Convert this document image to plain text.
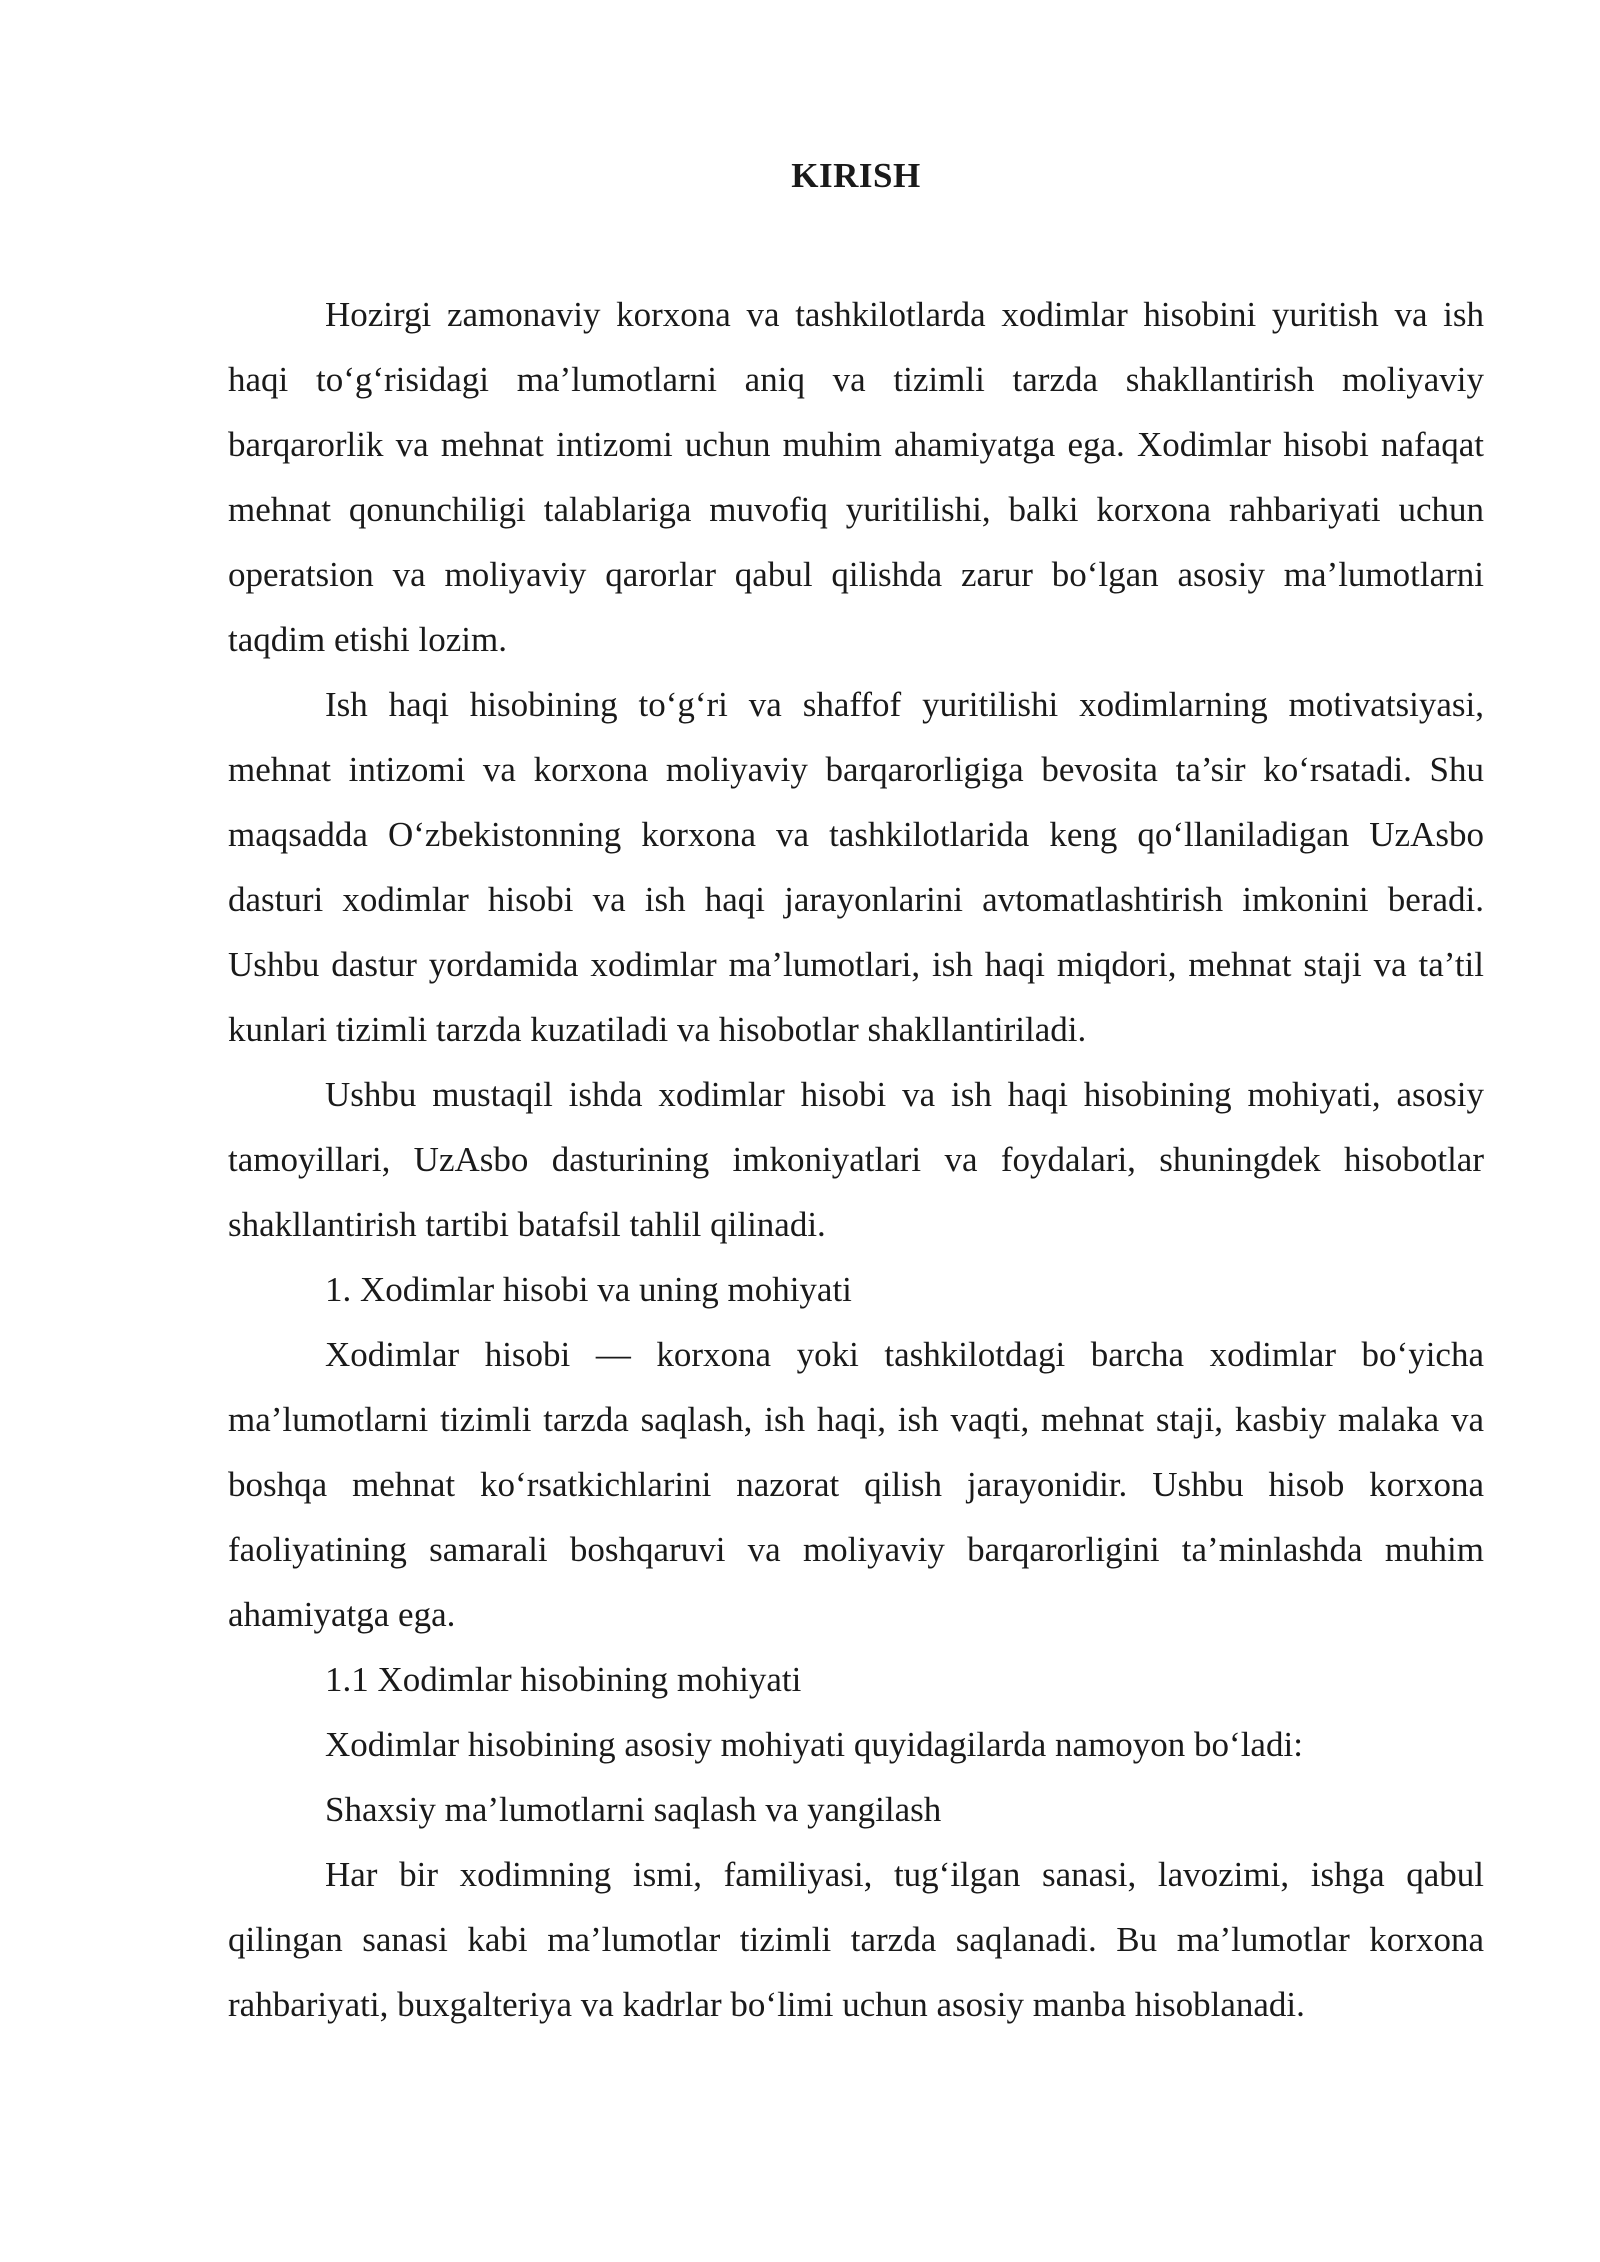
KIRISH

Hozirgi zamonaviy korxona va tashkilotlarda xodimlar hisobini yuritish va ish haqi to‘g‘risidagi ma’lumotlarni aniq va tizimli tarzda shakllantirish moliyaviy barqarorlik va mehnat intizomi uchun muhim ahamiyatga ega. Xodimlar hisobi nafaqat mehnat qonunchiligi talablariga muvofiq yuritilishi, balki korxona rahbariyati uchun operatsion va moliyaviy qarorlar qabul qilishda zarur bo‘lgan asosiy ma’lumotlarni taqdim etishi lozim.

Ish haqi hisobining to‘g‘ri va shaffof yuritilishi xodimlarning motivatsiyasi, mehnat intizomi va korxona moliyaviy barqarorligiga bevosita ta’sir ko‘rsatadi. Shu maqsadda O‘zbekistonning korxona va tashkilotlarida keng qo‘llaniladigan UzAsbo dasturi xodimlar hisobi va ish haqi jarayonlarini avtomatlashtirish imkonini beradi. Ushbu dastur yordamida xodimlar ma’lumotlari, ish haqi miqdori, mehnat staji va ta’til kunlari tizimli tarzda kuzatiladi va hisobotlar shakllantiriladi.

Ushbu mustaqil ishda xodimlar hisobi va ish haqi hisobining mohiyati, asosiy tamoyillari, UzAsbo dasturining imkoniyatlari va foydalari, shuningdek hisobotlar shakllantirish tartibi batafsil tahlil qilinadi.

1. Xodimlar hisobi va uning mohiyati

Xodimlar hisobi — korxona yoki tashkilotdagi barcha xodimlar bo‘yicha ma’lumotlarni tizimli tarzda saqlash, ish haqi, ish vaqti, mehnat staji, kasbiy malaka va boshqa mehnat ko‘rsatkichlarini nazorat qilish jarayonidir. Ushbu hisob korxona faoliyatining samarali boshqaruvi va moliyaviy barqarorligini ta’minlashda muhim ahamiyatga ega.

1.1 Xodimlar hisobining mohiyati

Xodimlar hisobining asosiy mohiyati quyidagilarda namoyon bo‘ladi:

Shaxsiy ma’lumotlarni saqlash va yangilash

Har bir xodimning ismi, familiyasi, tug‘ilgan sanasi, lavozimi, ishga qabul qilingan sanasi kabi ma’lumotlar tizimli tarzda saqlanadi. Bu ma’lumotlar korxona rahbariyati, buxgalteriya va kadrlar bo‘limi uchun asosiy manba hisoblanadi.
